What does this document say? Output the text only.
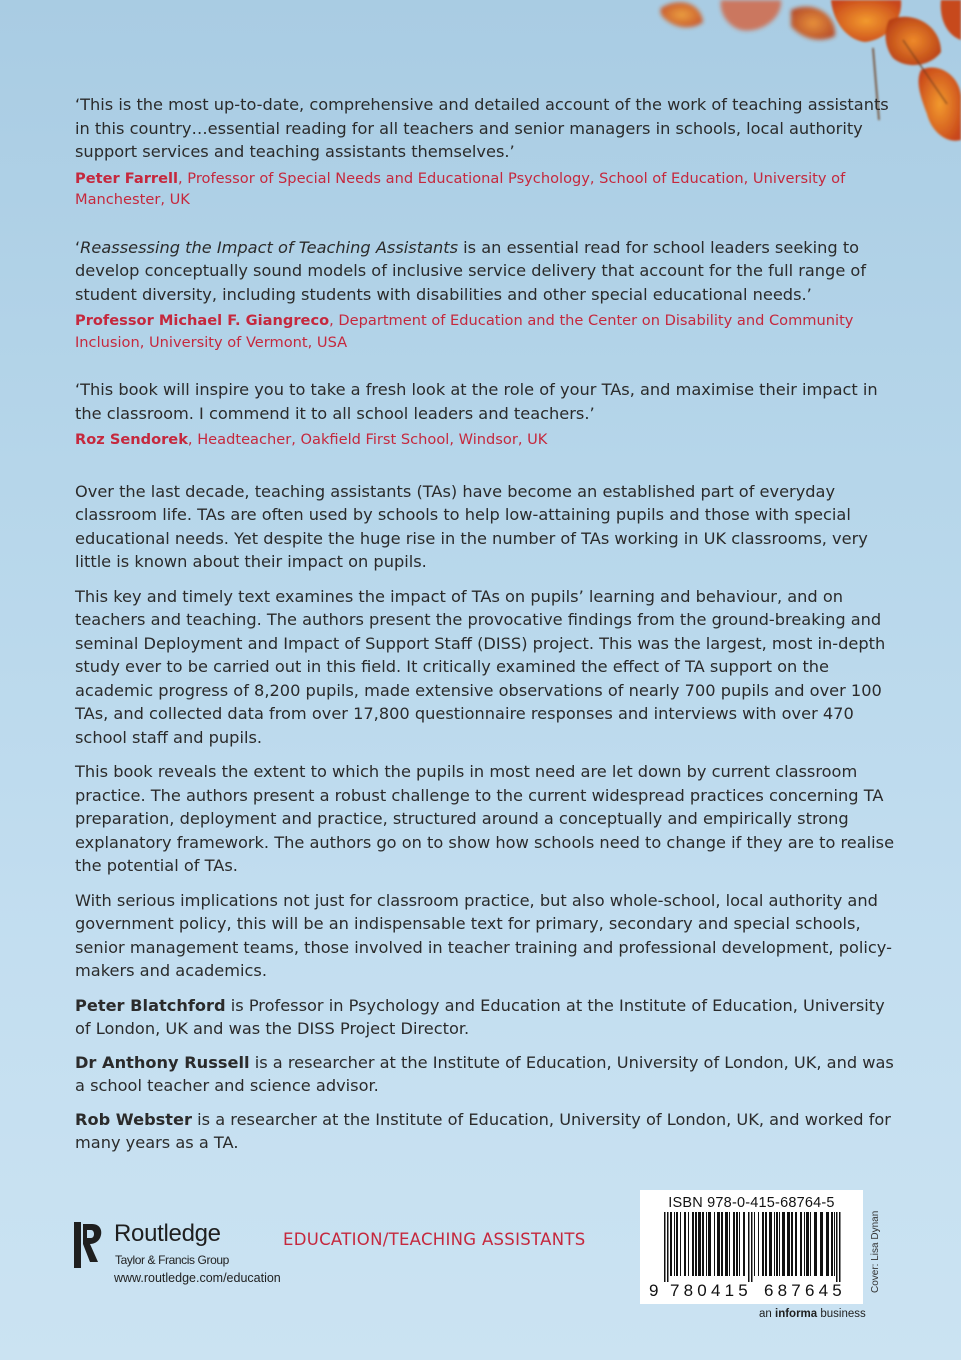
‘This is the most up-to-date, comprehensive and detailed account of the work of teaching assistants in this country…essential reading for all teachers and senior managers in schools, local authority support services and teaching assistants themselves.’

Peter Farrell, Professor of Special Needs and Educational Psychology, School of Education, University of Manchester, UK

‘Reassessing the Impact of Teaching Assistants is an essential read for school leaders seeking to develop conceptually sound models of inclusive service delivery that account for the full range of student diversity, including students with disabilities and other special educational needs.’

Professor Michael F. Giangreco, Department of Education and the Center on Disability and Community Inclusion, University of Vermont, USA

‘This book will inspire you to take a fresh look at the role of your TAs, and maximise their impact in the classroom. I commend it to all school leaders and teachers.’

Roz Sendorek, Headteacher, Oakfield First School, Windsor, UK

Over the last decade, teaching assistants (TAs) have become an established part of everyday classroom life. TAs are often used by schools to help low-attaining pupils and those with special educational needs. Yet despite the huge rise in the number of TAs working in UK classrooms, very little is known about their impact on pupils.

This key and timely text examines the impact of TAs on pupils’ learning and behaviour, and on teachers and teaching. The authors present the provocative findings from the ground-breaking and seminal Deployment and Impact of Support Staff (DISS) project. This was the largest, most in-depth study ever to be carried out in this field. It critically examined the effect of TA support on the academic progress of 8,200 pupils, made extensive observations of nearly 700 pupils and over 100 TAs, and collected data from over 17,800 questionnaire responses and interviews with over 470 school staff and pupils.

This book reveals the extent to which the pupils in most need are let down by current classroom practice. The authors present a robust challenge to the current widespread practices concerning TA preparation, deployment and practice, structured around a conceptually and empirically strong explanatory framework. The authors go on to show how schools need to change if they are to realise the potential of TAs.

With serious implications not just for classroom practice, but also whole-school, local authority and government policy, this will be an indispensable text for primary, secondary and special schools, senior management teams, those involved in teacher training and professional development, policy-makers and academics.

Peter Blatchford is Professor in Psychology and Education at the Institute of Education, University of London, UK and was the DISS Project Director.

Dr Anthony Russell is a researcher at the Institute of Education, University of London, UK, and was a school teacher and science advisor.

Rob Webster is a researcher at the Institute of Education, University of London, UK, and worked for many years as a TA.

Routledge
Taylor & Francis Group
www.routledge.com/education
EDUCATION/TEACHING ASSISTANTS
ISBN 978-0-415-68764-5
9 780415 687645 Cover: Lisa Dynan
an informa business
